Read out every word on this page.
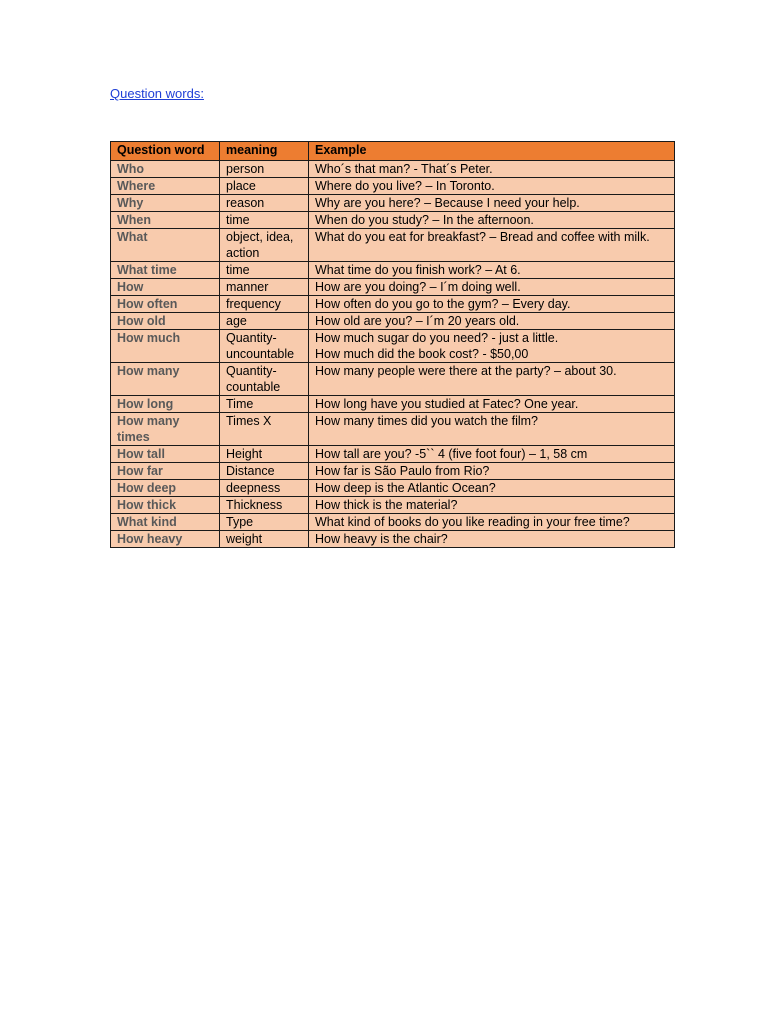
Question words:
Question word	meaning	Example
Who	person	Who´s that man? - That´s Peter.
Where	place	Where do you live? – In Toronto.
Why	reason	Why are you here? – Because I need your help.
When	time	When do you study? – In the afternoon.
What	object, idea, action	What do you eat for breakfast? – Bread and coffee with milk.
What time	time	What time do you finish work? – At 6.
How	manner	How are you doing? – I´m doing well.
How often	frequency	How often do you go to the gym? – Every day.
How old	age	How old are you? – I´m 20 years old.
How much	Quantity-uncountable	How much sugar do you need? - just a little.
How much did the book cost? - $50,00
How many	Quantity-countable	How many people were there at the party? – about 30.
How long	Time	How long have you studied at Fatec? One year.
How many times	Times X	How many times did you watch the film?
How tall	Height	How tall are you? -5`` 4 (five foot four) – 1, 58 cm
How far	Distance	How far is São Paulo from Rio?
How deep	deepness	How deep is the Atlantic Ocean?
How thick	Thickness	How thick is the material?
What kind	Type	What kind of books do you like reading in your free time?
How heavy	weight	How heavy is the chair?
